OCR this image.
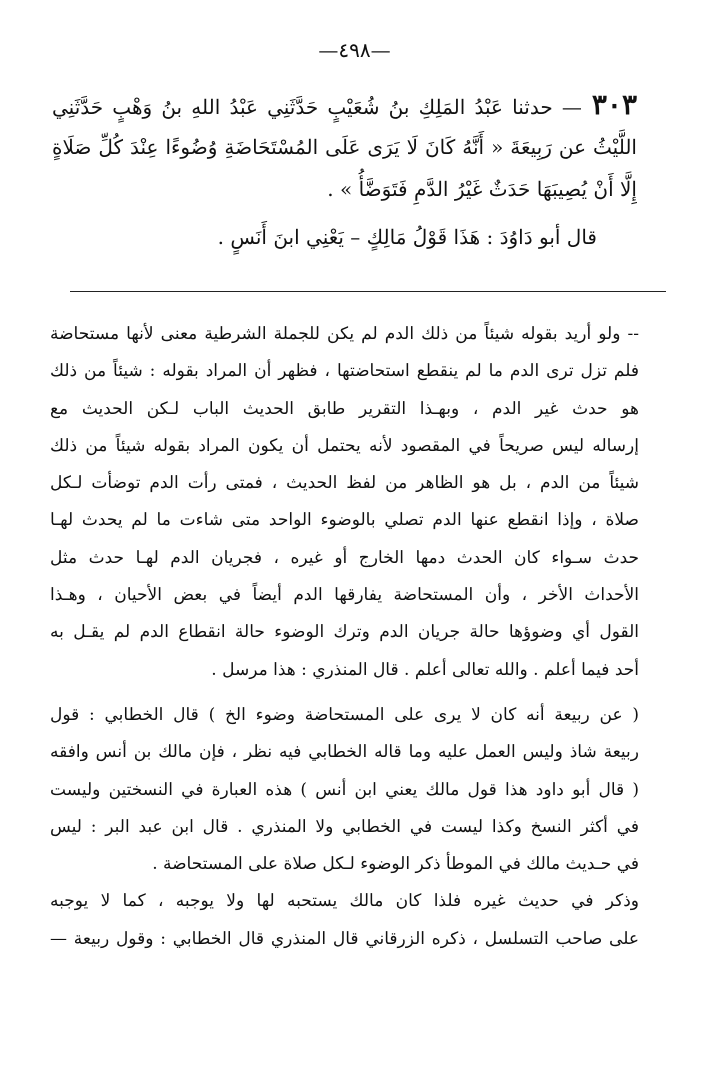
—٤٩٨—
٣٠٣— حدثنا عَبْدُ المَلِكِ بنُ شُعَيْبٍ حَدَّثَنِي عَبْدُ اللهِ بنُ وَهْبٍ حَدَّثَنِي
اللَّيْثُ عن رَبِيعَةَ « أَنَّهُ كَانَ لَا يَرَى عَلَى المُسْتَحَاضَةِ وُضُوءًا عِنْدَ كُلِّ صَلَاةٍ
إِلَّا أَنْ يُصِيبَهَا حَدَثٌ غَيْرُ الدَّمِ فَتَوَضَّأُ » .
قال أبو دَاوُدَ : هَذَا قَوْلُ مَالِكٍ – يَعْنِي ابنَ أَنَسٍ .
-- ولو أريد بقوله شيئاً من ذلك الدم لم يكن للجملة الشرطية معنى لأنها مستحاضة
فلم تزل ترى الدم ما لم ينقطع استحاضتها ، فظهر أن المراد بقوله : شيئاً من ذلك
هو حدث غير الدم ، وبهـذا التقرير طابق الحديث الباب لـكن الحديث مع
إرساله ليس صريحاً في المقصود لأنه يحتمل أن يكون المراد بقوله شيئاً من ذلك
شيئاً من الدم ، بل هو الظاهر من لفظ الحديث ، فمتى رأت الدم توضأت لـكل
صلاة ، وإذا انقطع عنها الدم تصلي بالوضوء الواحد متى شاءت ما لم يحدث لهـا
حدث سـواء كان الحدث دمها الخارج أو غيره ، فجريان الدم لهـا حدث مثل
الأحداث الأخر ، وأن المستحاضة يفارقها الدم أيضاً في بعض الأحيان ، وهـذا
القول أي وضوؤها حالة جريان الدم وترك الوضوء حالة انقطاع الدم لم يقـل به
أحد فيما أعلم . والله تعالى أعلم . قال المنذري : هذا مرسل .
( عن ربيعة أنه كان لا يرى على المستحاضة وضوء الخ ) قال الخطابي : قول
ربيعة شاذ وليس العمل عليه وما قاله الخطابي فيه نظر ، فإن مالك بن أنس وافقه
( قال أبو داود هذا قول مالك يعني ابن أنس ) هذه العبارة في النسختين وليست
في أكثر النسخ وكذا ليست في الخطابي ولا المنذري . قال ابن عبد البر : ليس
في حـديث مالك في الموطأ ذكر الوضوء لـكل صلاة على المستحاضة .
وذكر في حديث غيره فلذا كان مالك يستحبه لها ولا يوجبه ، كما لا يوجبه
على صاحب التسلسل ، ذكره الزرقاني قال المنذري قال الخطابي : وقول ربيعة —
